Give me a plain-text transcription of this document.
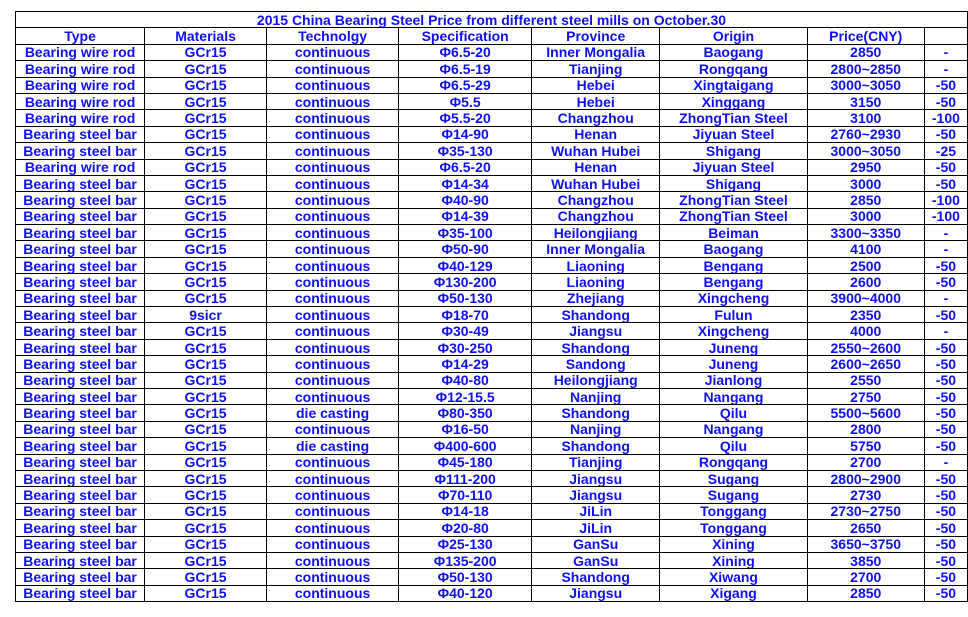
2015 China Bearing Steel Price from different steel mills on October.30							
Type	Materials	Technolgy	Specification	Province	Origin	Price(CNY)	
Bearing wire rod	GCr15	continuous	Φ6.5-20	Inner Mongalia	Baogang	2850	-
Bearing wire rod	GCr15	continuous	Φ6.5-19	Tianjing	Rongqang	2800~2850	-
Bearing wire rod	GCr15	continuous	Φ6.5-29	Hebei	Xingtaigang	3000~3050	-50
Bearing wire rod	GCr15	continuous	Φ5.5	Hebei	Xinggang	3150	-50
Bearing wire rod	GCr15	continuous	Φ5.5-20	Changzhou	ZhongTian Steel	3100	-100
Bearing steel bar	GCr15	continuous	Φ14-90	Henan	Jiyuan Steel	2760~2930	-50
Bearing steel bar	GCr15	continuous	Φ35-130	Wuhan Hubei	Shigang	3000~3050	-25
Bearing wire rod	GCr15	continuous	Φ6.5-20	Henan	Jiyuan Steel	2950	-50
Bearing steel bar	GCr15	continuous	Φ14-34	Wuhan Hubei	Shigang	3000	-50
Bearing steel bar	GCr15	continuous	Φ40-90	Changzhou	ZhongTian Steel	2850	-100
Bearing steel bar	GCr15	continuous	Φ14-39	Changzhou	ZhongTian Steel	3000	-100
Bearing steel bar	GCr15	continuous	Φ35-100	Heilongjiang	Beiman	3300~3350	-
Bearing steel bar	GCr15	continuous	Φ50-90	Inner Mongalia	Baogang	4100	-
Bearing steel bar	GCr15	continuous	Φ40-129	Liaoning	Bengang	2500	-50
Bearing steel bar	GCr15	continuous	Φ130-200	Liaoning	Bengang	2600	-50
Bearing steel bar	GCr15	continuous	Φ50-130	Zhejiang	Xingcheng	3900~4000	-
Bearing steel bar	9sicr	continuous	Φ18-70	Shandong	Fulun	2350	-50
Bearing steel bar	GCr15	continuous	Φ30-49	Jiangsu	Xingcheng	4000	-
Bearing steel bar	GCr15	continuous	Φ30-250	Shandong	Juneng	2550~2600	-50
Bearing steel bar	GCr15	continuous	Φ14-29	Sandong	Juneng	2600~2650	-50
Bearing steel bar	GCr15	continuous	Φ40-80	Heilongjiang	Jianlong	2550	-50
Bearing steel bar	GCr15	continuous	Φ12-15.5	Nanjing	Nangang	2750	-50
Bearing steel bar	GCr15	die casting	Φ80-350	Shandong	Qilu	5500~5600	-50
Bearing steel bar	GCr15	continuous	Φ16-50	Nanjing	Nangang	2800	-50
Bearing steel bar	GCr15	die casting	Φ400-600	Shandong	Qilu	5750	-50
Bearing steel bar	GCr15	continuous	Φ45-180	Tianjing	Rongqang	2700	-
Bearing steel bar	GCr15	continuous	Φ111-200	Jiangsu	Sugang	2800~2900	-50
Bearing steel bar	GCr15	continuous	Φ70-110	Jiangsu	Sugang	2730	-50
Bearing steel bar	GCr15	continuous	Φ14-18	JiLin	Tonggang	2730~2750	-50
Bearing steel bar	GCr15	continuous	Φ20-80	JiLin	Tonggang	2650	-50
Bearing steel bar	GCr15	continuous	Φ25-130	GanSu	Xining	3650~3750	-50
Bearing steel bar	GCr15	continuous	Φ135-200	GanSu	Xining	3850	-50
Bearing steel bar	GCr15	continuous	Φ50-130	Shandong	Xiwang	2700	-50
Bearing steel bar	GCr15	continuous	Φ40-120	Jiangsu	Xigang	2850	-50
